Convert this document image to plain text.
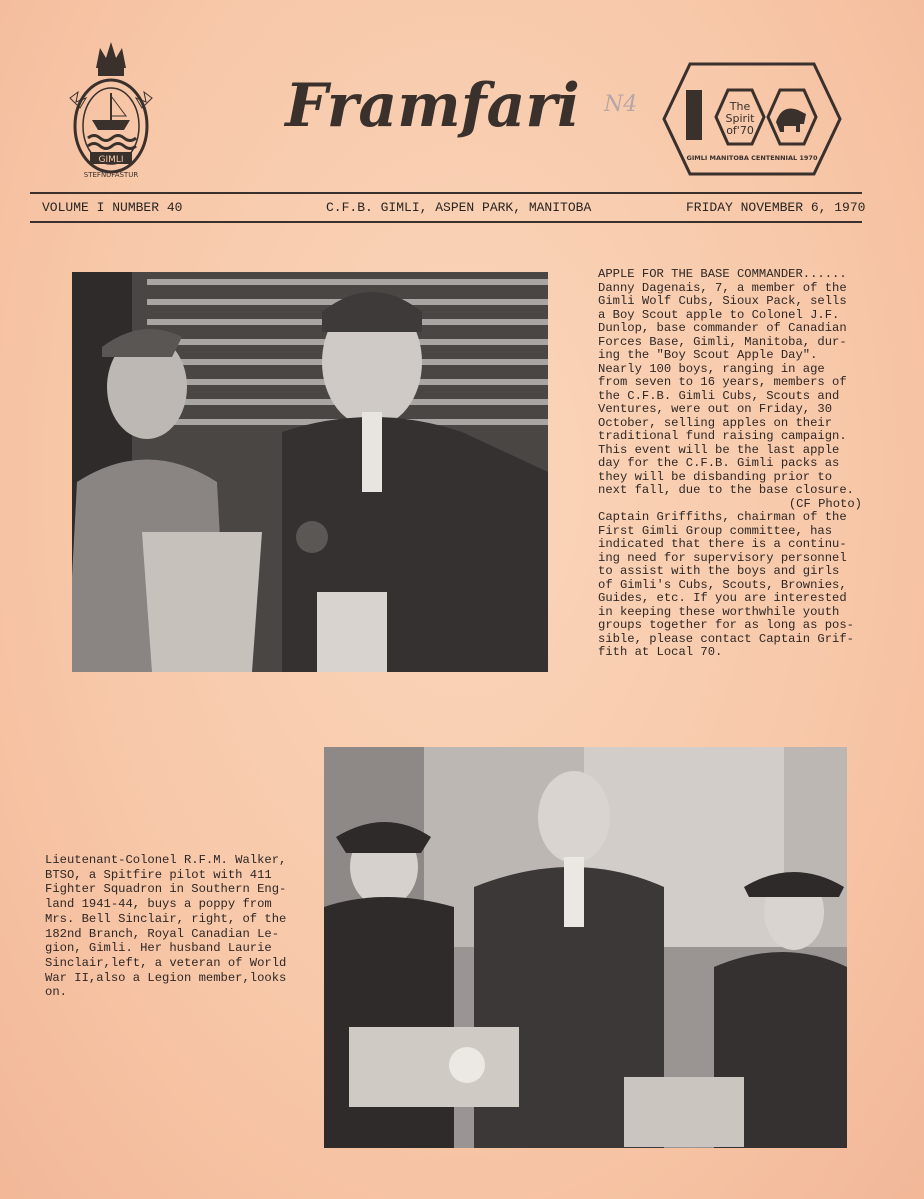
GIMLI
STEFNUFASTUR
Framfari	N4	The
Spirit
of'70
GIMLI MANITOBA CENTENNIAL 1970
VOLUME I NUMBER 40	C.F.B. GIMLI, ASPEN PARK, MANITOBA	FRIDAY NOVEMBER 6, 1970
APPLE FOR THE BASE COMMANDER......
Danny Dagenais, 7, a member of the
Gimli Wolf Cubs, Sioux Pack, sells
a Boy Scout apple to Colonel J.F.
Dunlop, base commander of Canadian
Forces Base, Gimli, Manitoba, dur-
ing the "Boy Scout Apple Day".
Nearly 100 boys, ranging in age
from seven to 16 years, members of
the C.F.B. Gimli Cubs, Scouts and
Ventures, were out on Friday, 30
October, selling apples on their
traditional fund raising campaign.
This event will be the last apple
day for the C.F.B. Gimli packs as
they will be disbanding prior to
next fall, due to the base closure.
(CF Photo)
Captain Griffiths, chairman of the
First Gimli Group committee, has
indicated that there is a continu-
ing need for supervisory personnel
to assist with the boys and girls
of Gimli's Cubs, Scouts, Brownies,
Guides, etc. If you are interested
in keeping these worthwhile youth
groups together for as long as pos-
sible, please contact Captain Grif-
fith at Local 70.
Lieutenant-Colonel R.F.M. Walker,
BTSO, a Spitfire pilot with 411
Fighter Squadron in Southern Eng-
land 1941-44, buys a poppy from
Mrs. Bell Sinclair, right, of the
182nd Branch, Royal Canadian Le-
gion, Gimli. Her husband Laurie
Sinclair,left, a veteran of World
War II,also a Legion member,looks
on.
